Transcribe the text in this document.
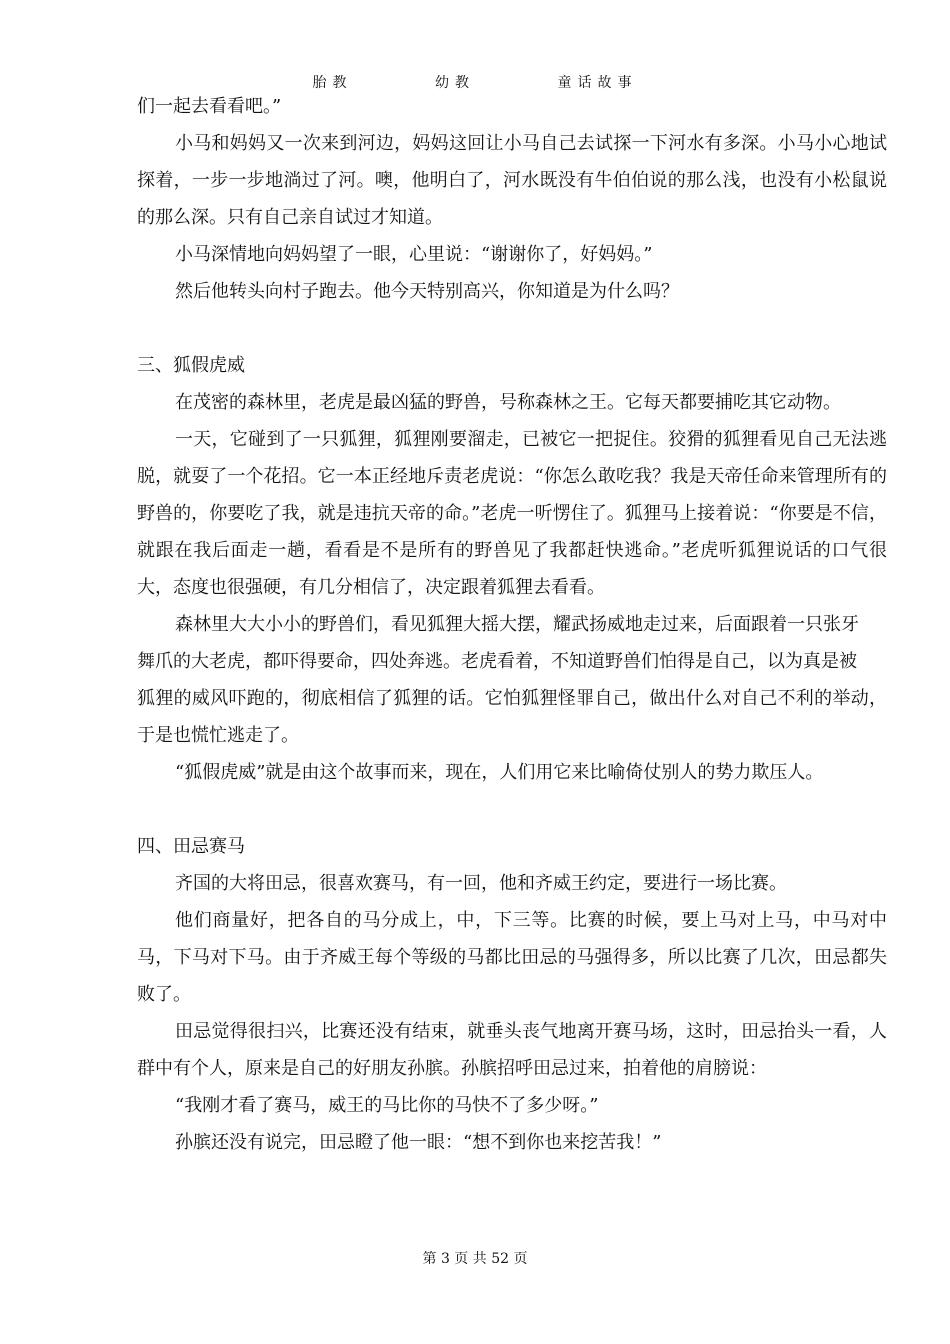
胎教	幼教	童话故事

们一起去看看吧。”

小马和妈妈又一次来到河边，妈妈这回让小马自己去试探一下河水有多深。小马小心地试探着，一步一步地淌过了河。噢，他明白了，河水既没有牛伯伯说的那么浅，也没有小松鼠说的那么深。只有自己亲自试过才知道。

小马深情地向妈妈望了一眼，心里说：“谢谢你了，好妈妈。”

然后他转头向村子跑去。他今天特别高兴，你知道是为什么吗？

三、狐假虎威

在茂密的森林里，老虎是最凶猛的野兽，号称森林之王。它每天都要捕吃其它动物。

一天，它碰到了一只狐狸，狐狸刚要溜走，已被它一把捉住。狡猾的狐狸看见自己无法逃脱，就耍了一个花招。它一本正经地斥责老虎说：“你怎么敢吃我？我是天帝任命来管理所有的野兽的，你要吃了我，就是违抗天帝的命。”老虎一听愣住了。狐狸马上接着说：“你要是不信，就跟在我后面走一趟，看看是不是所有的野兽见了我都赶快逃命。”老虎听狐狸说话的口气很大，态度也很强硬，有几分相信了，决定跟着狐狸去看看。

森林里大大小小的野兽们，看见狐狸大摇大摆，耀武扬威地走过来，后面跟着一只张牙

舞爪的大老虎，都吓得要命，四处奔逃。老虎看着，不知道野兽们怕得是自己，以为真是被

狐狸的威风吓跑的，彻底相信了狐狸的话。它怕狐狸怪罪自己，做出什么对自己不利的举动，于是也慌忙逃走了。

“狐假虎威”就是由这个故事而来，现在，人们用它来比喻倚仗别人的势力欺压人。

四、田忌赛马

齐国的大将田忌，很喜欢赛马，有一回，他和齐威王约定，要进行一场比赛。

他们商量好，把各自的马分成上，中，下三等。比赛的时候，要上马对上马，中马对中马，下马对下马。由于齐威王每个等级的马都比田忌的马强得多，所以比赛了几次，田忌都失败了。

田忌觉得很扫兴，比赛还没有结束，就垂头丧气地离开赛马场，这时，田忌抬头一看，人群中有个人，原来是自己的好朋友孙膑。孙膑招呼田忌过来，拍着他的肩膀说：

“我刚才看了赛马，威王的马比你的马快不了多少呀。”

孙膑还没有说完，田忌瞪了他一眼：“想不到你也来挖苦我！”

第 3 页 共 52 页
